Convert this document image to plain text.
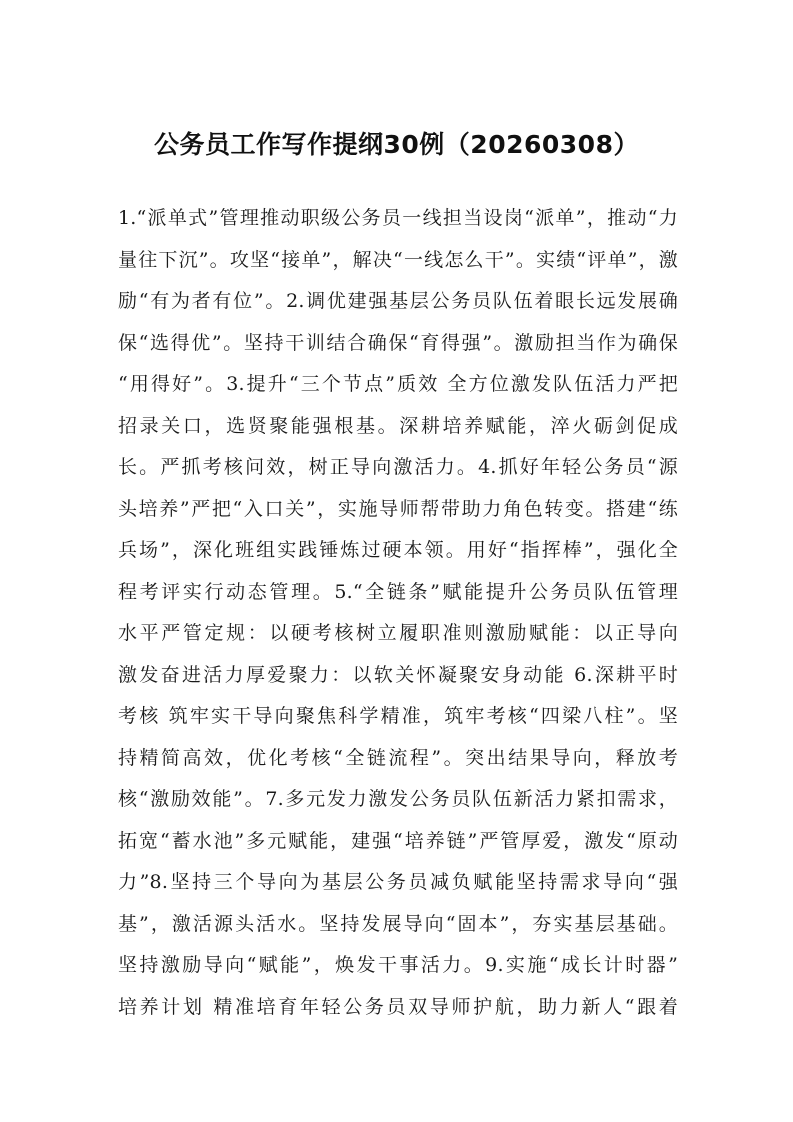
公务员工作写作提纲30例（20260308）
1.“派单式”管理推动职级公务员一线担当设岗“派单”，推动“力
量往下沉”。攻坚“接单”，解决“一线怎么干”。实绩“评单”，激
励“有为者有位”。2.调优建强基层公务员队伍着眼长远发展确
保“选得优”。坚持干训结合确保“育得强”。激励担当作为确保
“用得好”。3.提升“三个节点”质效 全方位激发队伍活力严把
招录关口，选贤聚能强根基。深耕培养赋能，淬火砺剑促成
长。严抓考核问效，树正导向激活力。4.抓好年轻公务员“源
头培养”严把“入口关”，实施导师帮带助力角色转变。搭建“练
兵场”，深化班组实践锤炼过硬本领。用好“指挥棒”，强化全
程考评实行动态管理。5.“全链条”赋能提升公务员队伍管理
水平严管定规：以硬考核树立履职准则激励赋能：以正导向
激发奋进活力厚爱聚力：以软关怀凝聚安身动能 6.深耕平时
考核 筑牢实干导向聚焦科学精准，筑牢考核“四梁八柱”。坚
持精简高效，优化考核“全链流程”。突出结果导向，释放考
核“激励效能”。7.多元发力激发公务员队伍新活力紧扣需求，
拓宽“蓄水池”多元赋能，建强“培养链”严管厚爱，激发“原动
力”8.坚持三个导向为基层公务员减负赋能坚持需求导向“强
基”，激活源头活水。坚持发展导向“固本”，夯实基层基础。
坚持激励导向“赋能”，焕发干事活力。9.实施“成长计时器”
培养计划 精准培育年轻公务员双导师护航，助力新人“跟着
